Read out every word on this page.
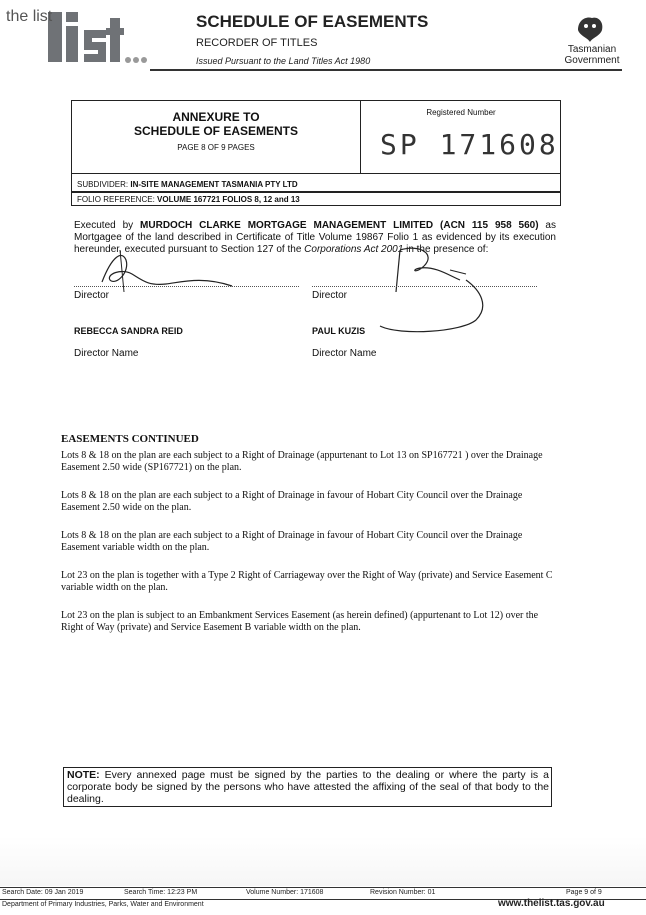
the list	SCHEDULE OF EASEMENTS
RECORDER OF TITLES
Issued Pursuant to the Land Titles Act 1980
Tasmanian
Government
ANNEXURE TO
SCHEDULE OF EASEMENTS
PAGE 8 OF 9 PAGES
Registered Number
SP 171608
SUBDIVIDER: IN-SITE MANAGEMENT TASMANIA PTY LTD
FOLIO REFERENCE: VOLUME 167721 FOLIOS 8, 12 and 13
Executed by MURDOCH CLARKE MORTGAGE MANAGEMENT LIMITED (ACN 115 958 560) as Mortgagee of the land described in Certificate of Title Volume 19867 Folio 1 as evidenced by its execution hereunder, executed pursuant to Section 127 of the Corporations Act 2001 in the presence of:
Director	Director
REBECCA SANDRA REID	PAUL KUZIS
Director Name	Director Name
EASEMENTS CONTINUED
Lots 8 & 18 on the plan are each subject to a Right of Drainage (appurtenant to Lot 13 on SP167721 ) over the Drainage Easement 2.50 wide (SP167721) on the plan.
Lots 8 & 18 on the plan are each subject to a Right of Drainage in favour of Hobart City Council over the Drainage Easement 2.50 wide on the plan.
Lots 8 & 18 on the plan are each subject to a Right of Drainage in favour of Hobart City Council over the Drainage Easement variable width on the plan.
Lot 23 on the plan is together with a Type 2 Right of Carriageway over the Right of Way (private) and Service Easement C variable width on the plan.
Lot 23 on the plan is subject to an Embankment Services Easement (as herein defined) (appurtenant to Lot 12) over the Right of Way (private) and Service Easement B variable width on the plan.
NOTE: Every annexed page must be signed by the parties to the dealing or where the party is a corporate body be signed by the persons who have attested the affixing of the seal of that body to the dealing.
Search Date: 09 Jan 2019	Search Time: 12:23 PM	Volume Number: 171608	Revision Number: 01	Page 9 of 9
Department of Primary Industries, Parks, Water and Environment	www.thelist.tas.gov.au
